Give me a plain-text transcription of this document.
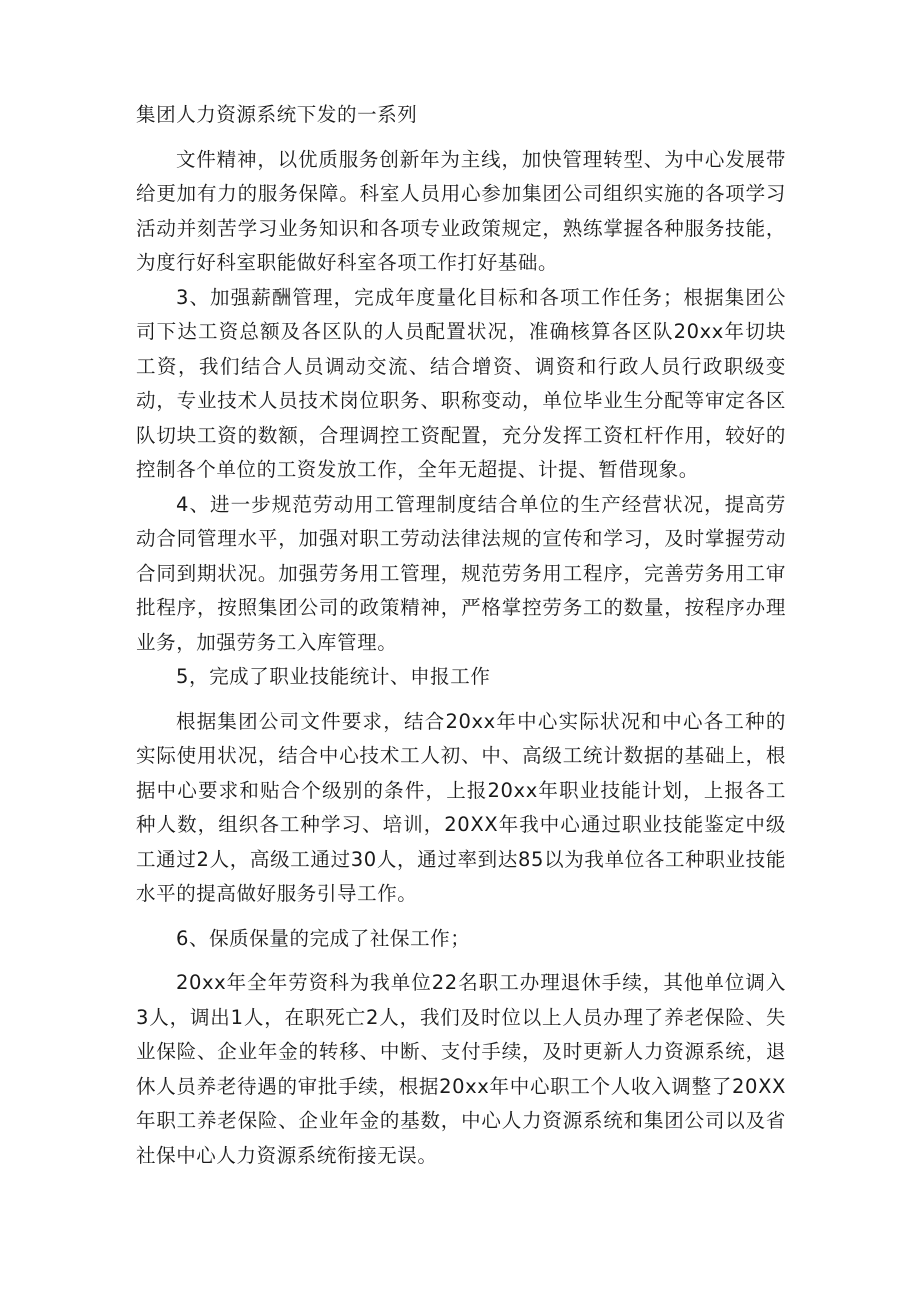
集团人力资源系统下发的一系列

文件精神，以优质服务创新年为主线，加快管理转型、为中心发展带给更加有力的服务保障。科室人员用心参加集团公司组织实施的各项学习活动并刻苦学习业务知识和各项专业政策规定，熟练掌握各种服务技能，为度行好科室职能做好科室各项工作打好基础。

3、加强薪酬管理，完成年度量化目标和各项工作任务；根据集团公司下达工资总额及各区队的人员配置状况，准确核算各区队20xx年切块工资，我们结合人员调动交流、结合增资、调资和行政人员行政职级变动，专业技术人员技术岗位职务、职称变动，单位毕业生分配等审定各区队切块工资的数额，合理调控工资配置，充分发挥工资杠杆作用，较好的控制各个单位的工资发放工作，全年无超提、计提、暂借现象。

4、进一步规范劳动用工管理制度结合单位的生产经营状况，提高劳动合同管理水平，加强对职工劳动法律法规的宣传和学习，及时掌握劳动合同到期状况。加强劳务用工管理，规范劳务用工程序，完善劳务用工审批程序，按照集团公司的政策精神，严格掌控劳务工的数量，按程序办理业务，加强劳务工入库管理。

5，完成了职业技能统计、申报工作

根据集团公司文件要求，结合20xx年中心实际状况和中心各工种的实际使用状况，结合中心技术工人初、中、高级工统计数据的基础上，根据中心要求和贴合个级别的条件，上报20xx年职业技能计划，上报各工种人数，组织各工种学习、培训，20XX年我中心通过职业技能鉴定中级工通过2人，高级工通过30人，通过率到达85以为我单位各工种职业技能水平的提高做好服务引导工作。

6、保质保量的完成了社保工作；

20xx年全年劳资科为我单位22名职工办理退休手续，其他单位调入3人，调出1人，在职死亡2人，我们及时位以上人员办理了养老保险、失业保险、企业年金的转移、中断、支付手续，及时更新人力资源系统，退休人员养老待遇的审批手续，根据20xx年中心职工个人收入调整了20XX年职工养老保险、企业年金的基数，中心人力资源系统和集团公司以及省社保中心人力资源系统衔接无误。
